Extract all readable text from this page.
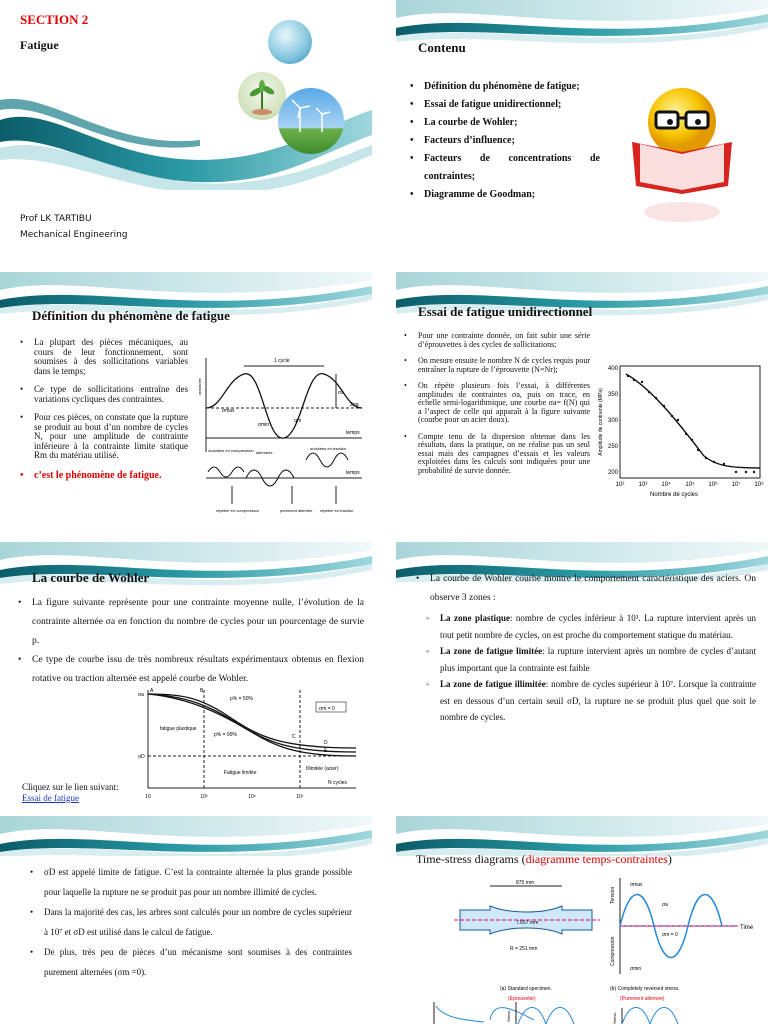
SECTION 2
Fatigue
Prof LK TARTIBU
Mechanical Engineering
Contenu
• Définition du phénomène de fatigue;
• Essai de fatigue unidirectionnel;
• La courbe de Wohler;
• Facteurs d’influence;
• Facteurs de concentrations de contraintes;
• Diagramme de Goodman;
Définition du phénomène de fatigue
• La plupart des pièces mécaniques, au cours de leur fonctionnement, sont soumises à des sollicitations variables dans le temps;
• Ce type de sollicitations entraîne des variations cycliques des contraintes.
• Pour ces pièces, on constate que la rupture se produit au bout d’un nombre de cycles N, pour une amplitude de contrainte inférieure à la contrainte limite statique Rm du matériau utilisé.
• c’est le phénomène de fatigue.
1 cycle
ordonnée
temps
σa
2σa
σmax
σm
σmin
ondulées en compression alternées
ondulées en traction
temps
répétée en compression	purement alternée répétée en traction
Essai de fatigue unidirectionnel
• Pour une contrainte donnée, on fait subir une série d’éprouvettes à des cycles de sollicitations;
• On mesure ensuite le nombre N de cycles requis pour entraîner la rupture de l’éprouvette (N=Nr);
• On répète plusieurs fois l’essai, à différentes amplitudes de contraintes σa, puis on trace, en échelle semi-logarithmique, une courbe σa= f(N) qui a l’aspect de celle qui apparaît à la figure suivante (courbe pour un acier doux).
• Compte tenu de la dispersion obtenue dans les résultats, dans la pratique, on ne réalise pas un seul essai mais des campagnes d’essais et les valeurs exploitées dans les calculs sont indiquées pour une probabilité de survie donnée.
400
350
300
250
200
10² 10³ 10⁴ 10⁵ 10⁶ 10⁷ 10⁸
Nombre de cycles
Amplitude de contrainte (MPa)
La courbe de Wohler
• La figure suivante représente pour une contrainte moyenne nulle, l’évolution de la contrainte alternée σa en fonction du nombre de cycles pour un pourcentage de survie p.
• Ce type de courbe issu de très nombreux résultats expérimentaux obtenus en flexion rotative ou traction alternée est appelé courbe de Wohler.
σm = 0
p% = 50%
p% = 99%
fatigue plastique
Fatigue limitée
Illimitée (acier)
σa
σD
N cycles
A	B
C
D
E
10	10³	10⁵	10⁷
Cliquez sur le lien suivant:
Essai de fatigue
• La courbe de Wohler courbe montre le comportement caractéristique des aciers. On observe 3 zones :
◦ La zone plastique: nombre de cycles inférieur à 10³. La rupture intervient après un tout petit nombre de cycles, on est proche du comportement statique du matériau.
◦ La zone de fatigue limitée: la rupture intervient après un nombre de cycles d’autant plus important que la contrainte est faible
◦ La zone de fatigue illimitée: nombre de cycles supérieur à 10⁷. Lorsque la contrainte est en dessous d’un certain seuil σD, la rupture ne se produit plus quel que soit le nombre de cycles.
• σD est appelé limite de fatigue. C’est la contrainte alternée la plus grande possible pour laquelle la rupture ne se produit pas pour un nombre illimité de cycles.
• Dans la majorité des cas, les arbres sont calculés pour un nombre de cycles supérieur à 10⁷ et σD est utilisé dans le calcul de fatigue.
• De plus, très peu de pièces d’un mécanisme sont soumises à des contraintes purement alternées (σm =0).
Time-stress diagrams (diagramme temps-contraintes)
875 mm
7.657 mm
R = 251 mm
(a) Standard specimen.
(Eprouvette)
Time
σmax
σmin
σa
σm = 0
Tension
Compression
(b) Completely reversed stress.
(Purement alternée)
Stress
Stress
